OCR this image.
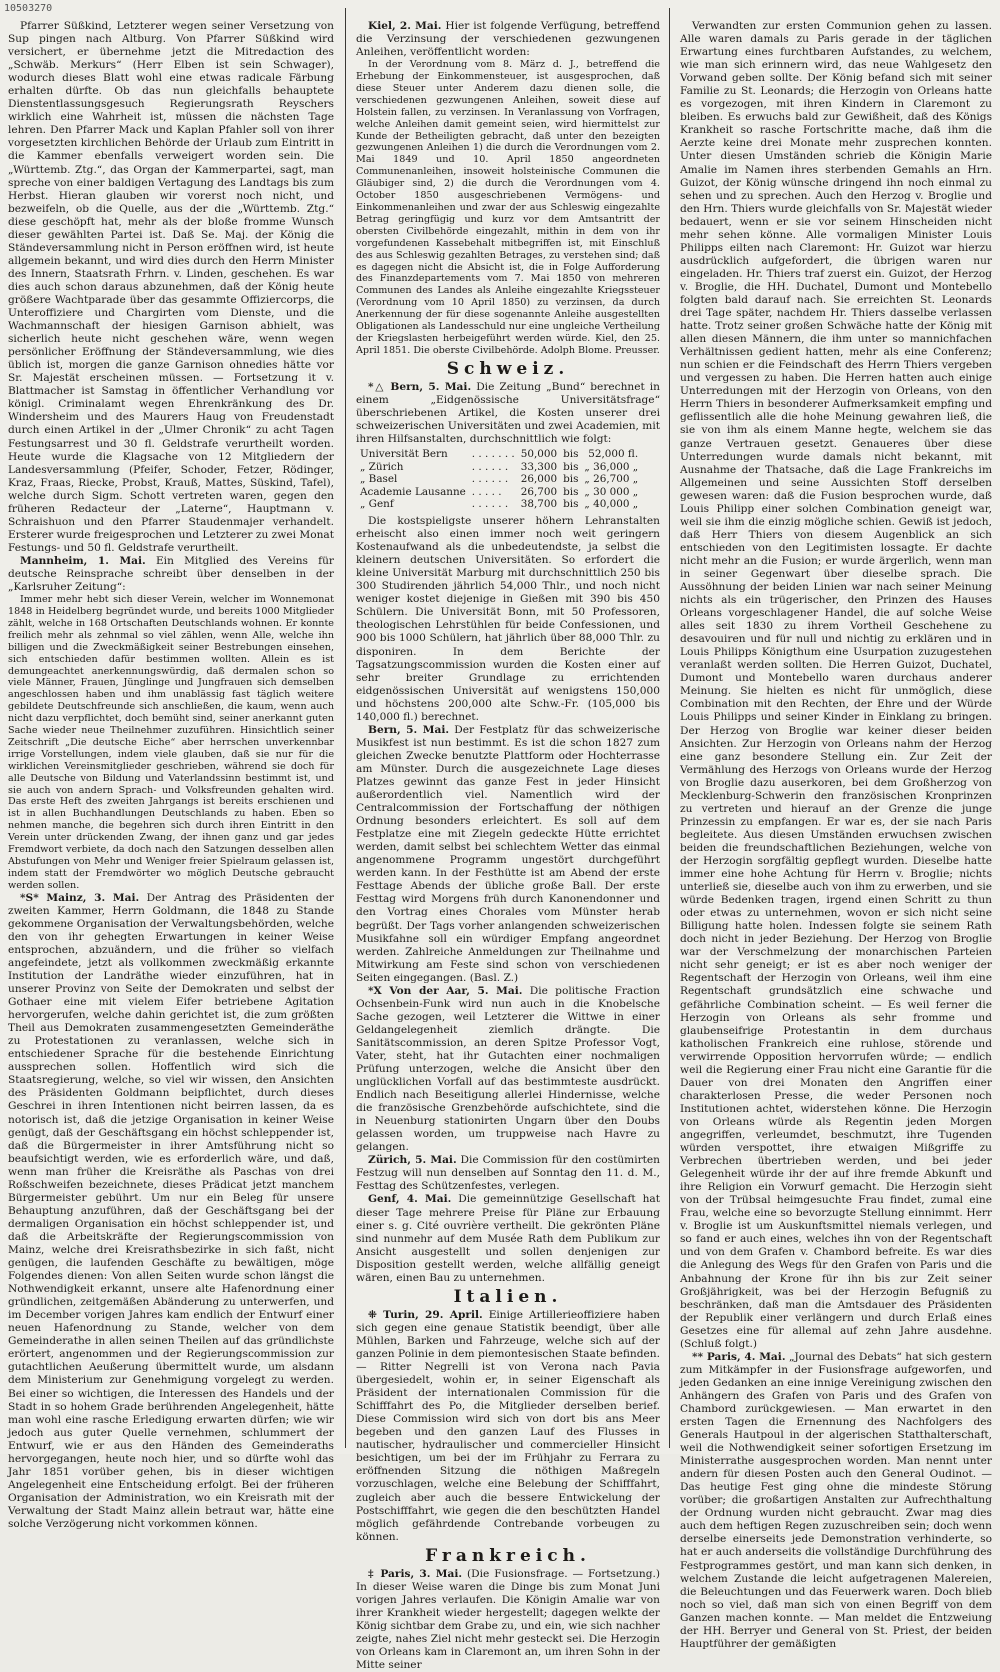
10503270

Pfarrer Süßkind, Letzterer wegen seiner Versetzung von Sup pingen nach Altburg. Von Pfarrer Süßkind wird versichert, er übernehme jetzt die Mitredaction des „Schwäb. Merkurs“ (Herr Elben ist sein Schwager), wodurch dieses Blatt wohl eine etwas radicale Färbung erhalten dürfte. Ob das nun gleichfalls behauptete Dienstentlassungsgesuch Regierungsrath Reyschers wirklich eine Wahrheit ist, müssen die nächsten Tage lehren. Den Pfarrer Mack und Kaplan Pfahler soll von ihrer vorgesetzten kirchlichen Behörde der Urlaub zum Eintritt in die Kammer ebenfalls verweigert worden sein. Die „Württemb. Ztg.“, das Organ der Kammerpartei, sagt, man spreche von einer baldigen Vertagung des Landtags bis zum Herbst. Hieran glauben wir vorerst noch nicht, und bezweifeln, ob die Quelle, aus der die „Württemb. Ztg.“ diese geschöpft hat, mehr als der bloße fromme Wunsch dieser gewählten Partei ist. Daß Se. Maj. der König die Ständeversammlung nicht in Person eröffnen wird, ist heute allgemein bekannt, und wird dies durch den Herrn Minister des Innern, Staatsrath Frhrn. v. Linden, geschehen. Es war dies auch schon daraus abzunehmen, daß der König heute größere Wachtparade über das gesammte Offiziercorps, die Unteroffiziere und Chargirten vom Dienste, und die Wachmannschaft der hiesigen Garnison abhielt, was sicherlich heute nicht geschehen wäre, wenn wegen persönlicher Eröffnung der Ständeversammlung, wie dies üblich ist, morgen die ganze Garnison ohnedies hätte vor Sr. Majestät erscheinen müssen. — Fortsetzung it v. Blattmacher ist Samstag in öffentlicher Verhandlung vor königl. Criminalamt wegen Ehrenkränkung des Dr. Windersheim und des Maurers Haug von Freudenstadt durch einen Artikel in der „Ulmer Chronik“ zu acht Tagen Festungsarrest und 30 fl. Geldstrafe verurtheilt worden. Heute wurde die Klagsache von 12 Mitgliedern der Landesversammlung (Pfeifer, Schoder, Fetzer, Rödinger, Kraz, Fraas, Riecke, Probst, Krauß, Mattes, Süskind, Tafel), welche durch Sigm. Schott vertreten waren, gegen den früheren Redacteur der „Laterne“, Hauptmann v. Schraishuon und den Pfarrer Staudenmajer verhandelt. Ersterer wurde freigesprochen und Letzterer zu zwei Monat Festungs- und 50 fl. Geldstrafe verurtheilt.

Mannheim, 1. Mai. Ein Mitglied des Vereins für deutsche Reinsprache schreibt über denselben in der „Karlsruher Zeitung“:

Immer mehr hebt sich dieser Verein, welcher im Wonnemonat 1848 in Heidelberg begründet wurde, und bereits 1000 Mitglieder zählt, welche in 168 Ortschaften Deutschlands wohnen. Er konnte freilich mehr als zehnmal so viel zählen, wenn Alle, welche ihn billigen und die Zweckmäßigkeit seiner Bestrebungen einsehen, sich entschieden dafür bestimmen wollten. Allein es ist demungeachtet anerkennungswürdig, daß dermalen schon so viele Männer, Frauen, Jünglinge und Jungfrauen sich demselben angeschlossen haben und ihm unablässig fast täglich weitere gebildete Deutschfreunde sich anschließen, die kaum, wenn auch nicht dazu verpflichtet, doch bemüht sind, seiner anerkannt guten Sache wieder neue Theilnehmer zuzuführen. Hinsichtlich seiner Zeitschrift „Die deutsche Eiche“ aber herrschen unverkennbar irrige Vorstellungen, indem viele glauben, daß sie nur für die wirklichen Vereinsmitglieder geschrieben, während sie doch für alle Deutsche von Bildung und Vaterlandssinn bestimmt ist, und sie auch von andern Sprach- und Volksfreunden gehalten wird. Das erste Heft des zweiten Jahrgangs ist bereits erschienen und ist in allen Buchhandlungen Deutschlands zu haben. Eben so nehmen manche, die begehren sich durch ihren Eintritt in den Verein unter drückenden Zwang, der ihnen ganz und gar jedes Fremdwort verbiete, da doch nach den Satzungen desselben allen Abstufungen von Mehr und Weniger freier Spielraum gelassen ist, indem statt der Fremdwörter wo möglich Deutsche gebraucht werden sollen.

*S* Mainz, 3. Mai. Der Antrag des Präsidenten der zweiten Kammer, Herrn Goldmann, die 1848 zu Stande gekommene Organisation der Verwaltungsbehörden, welche den von ihr gehegten Erwartungen in keiner Weise entsprochen, abzuändern, und die früher so vielfach angefeindete, jetzt als vollkommen zweckmäßig erkannte Institution der Landräthe wieder einzuführen, hat in unserer Provinz von Seite der Demokraten und selbst der Gothaer eine mit vielem Eifer betriebene Agitation hervorgerufen, welche dahin gerichtet ist, die zum größten Theil aus Demokraten zusammengesetzten Gemeinderäthe zu Protestationen zu veranlassen, welche sich in entschiedener Sprache für die bestehende Einrichtung aussprechen sollen. Hoffentlich wird sich die Staatsregierung, welche, so viel wir wissen, den Ansichten des Präsidenten Goldmann beipflichtet, durch dieses Geschrei in ihren Intentionen nicht beirren lassen, da es notorisch ist, daß die jetzige Organisation in keiner Weise genügt, daß der Geschäftsgang ein höchst schleppender ist, daß die Bürgermeister in ihrer Amtsführung nicht so beaufsichtigt werden, wie es erforderlich wäre, und daß, wenn man früher die Kreisräthe als Paschas von drei Roßschweifen bezeichnete, dieses Prädicat jetzt manchem Bürgermeister gebührt. Um nur ein Beleg für unsere Behauptung anzuführen, daß der Geschäftsgang bei der dermaligen Organisation ein höchst schleppender ist, und daß die Arbeitskräfte der Regierungscommission von Mainz, welche drei Kreisrathsbezirke in sich faßt, nicht genügen, die laufenden Geschäfte zu bewältigen, möge Folgendes dienen: Von allen Seiten wurde schon längst die Nothwendigkeit erkannt, unsere alte Hafenordnung einer gründlichen, zeitgemäßen Abänderung zu unterwerfen, und im December vorigen Jahres kam endlich der Entwurf einer neuen Hafenordnung zu Stande, welcher von dem Gemeinderathe in allen seinen Theilen auf das gründlichste erörtert, angenommen und der Regierungscommission zur gutachtlichen Aeußerung übermittelt wurde, um alsdann dem Ministerium zur Genehmigung vorgelegt zu werden. Bei einer so wichtigen, die Interessen des Handels und der Stadt in so hohem Grade berührenden Angelegenheit, hätte man wohl eine rasche Erledigung erwarten dürfen; wie wir jedoch aus guter Quelle vernehmen, schlummert der Entwurf, wie er aus den Händen des Gemeinderaths hervorgegangen, heute noch hier, und so dürfte wohl das Jahr 1851 vorüber gehen, bis in dieser wichtigen Angelegenheit eine Entscheidung erfolgt. Bei der früheren Organisation der Administration, wo ein Kreisrath mit der Verwaltung der Stadt Mainz allein betraut war, hätte eine solche Verzögerung nicht vorkommen können.

Kiel, 2. Mai. Hier ist folgende Verfügung, betreffend die Verzinsung der verschiedenen gezwungenen Anleihen, veröffentlicht worden:

In der Verordnung vom 8. März d. J., betreffend die Erhebung der Einkommensteuer, ist ausgesprochen, daß diese Steuer unter Anderem dazu dienen solle, die verschiedenen gezwungenen Anleihen, soweit diese auf Holstein fallen, zu verzinsen. In Veranlassung von Vorfragen, welche Anleihen damit gemeint seien, wird hiermittelst zur Kunde der Betheiligten gebracht, daß unter den bezeigten gezwungenen Anleihen 1) die durch die Verordnungen vom 2. Mai 1849 und 10. April 1850 angeordneten Communenanleihen, insoweit holsteinische Communen die Gläubiger sind, 2) die durch die Verordnungen vom 4. October 1850 ausgeschriebenen Vermögens- und Einkommenanleihen und zwar der aus Schleswig eingezahlte Betrag geringfügig und kurz vor dem Amtsantritt der obersten Civilbehörde eingezahlt, mithin in dem von ihr vorgefundenen Kassebehalt mitbegriffen ist, mit Einschluß des aus Schleswig gezahlten Betrages, zu verstehen sind; daß es dagegen nicht die Absicht ist, die in Folge Aufforderung des Finanzdepartements vom 7. Mai 1850 von mehreren Communen des Landes als Anleihe eingezahlte Kriegssteuer (Verordnung vom 10 April 1850) zu verzinsen, da durch Anerkennung der für diese sogenannte Anleihe ausgestellten Obligationen als Landesschuld nur eine ungleiche Vertheilung der Kriegslasten herbeigeführt werden würde. Kiel, den 25. April 1851. Die oberste Civilbehörde. Adolph Blome. Preusser.

Schweiz.

*△ Bern, 5. Mai. Die Zeitung „Bund“ berechnet in einem „Eidgenössische Universitätsfrage“ überschriebenen Artikel, die Kosten unserer drei schweizerischen Universitäten und zwei Academien, mit ihren Hilfsanstalten, durchschnittlich wie folgt:

Universität Bern	. . . . . . .	50,000	bis	52,000 fl.
„ Zürich	. . . . . .	33,300	bis	„ 36,000 „
„ Basel	. . . . . .	26,000	bis	„ 26,700 „
Academie Lausanne	. . . . .	26,700	bis	„ 30 000 „
„ Genf	. . . . . .	38,700	bis	„ 40,000 „

Die kostspieligste unserer höhern Lehranstalten erheischt also einen immer noch weit geringern Kostenaufwand als die unbedeutendste, ja selbst die kleinern deutschen Universitäten. So erfordert die kleine Universität Marburg mit durchschnittlich 250 bis 300 Studirenden jährlich 54,000 Thlr., und noch nicht weniger kostet diejenige in Gießen mit 390 bis 450 Schülern. Die Universität Bonn, mit 50 Professoren, theologischen Lehrstühlen für beide Confessionen, und 900 bis 1000 Schülern, hat jährlich über 88,000 Thlr. zu disponiren. In dem Berichte der Tagsatzungscommission wurden die Kosten einer auf sehr breiter Grundlage zu errichtenden eidgenössischen Universität auf wenigstens 150,000 und höchstens 200,000 alte Schw.-Fr. (105,000 bis 140,000 fl.) berechnet.

Bern, 5. Mai. Der Festplatz für das schweizerische Musikfest ist nun bestimmt. Es ist die schon 1827 zum gleichen Zwecke benutzte Plattform oder Hochterrasse am Münster. Durch die ausgezeichnete Lage dieses Platzes gewinnt das ganze Fest in jeder Hinsicht außerordentlich viel. Namentlich wird der Centralcommission der Fortschaffung der nöthigen Ordnung besonders erleichtert. Es soll auf dem Festplatze eine mit Ziegeln gedeckte Hütte errichtet werden, damit selbst bei schlechtem Wetter das einmal angenommene Programm ungestört durchgeführt werden kann. In der Festhütte ist am Abend der erste Festtage Abends der übliche große Ball. Der erste Festtag wird Morgens früh durch Kanonendonner und den Vortrag eines Chorales vom Münster herab begrüßt. Der Tags vorher anlangenden schweizerischen Musikfahne soll ein würdiger Empfang angeordnet werden. Zahlreiche Anmeldungen zur Theilnahme und Mitwirkung am Feste sind schon von verschiedenen Seiten eingegangen. (Basl. Z.)

*X Von der Aar, 5. Mai. Die politische Fraction Ochsenbein-Funk wird nun auch in die Knobelsche Sache gezogen, weil Letzterer die Wittwe in einer Geldangelegenheit ziemlich drängte. Die Sanitätscommission, an deren Spitze Professor Vogt, Vater, steht, hat ihr Gutachten einer nochmaligen Prüfung unterzogen, welche die Ansicht über den unglücklichen Vorfall auf das bestimmteste ausdrückt. Endlich nach Beseitigung allerlei Hindernisse, welche die französische Grenzbehörde aufschichtete, sind die in Neuenburg stationirten Ungarn über den Doubs gelassen worden, um truppweise nach Havre zu gelangen.

Zürich, 5. Mai. Die Commission für den costümirten Festzug will nun denselben auf Sonntag den 11. d. M., Festtag des Schützenfestes, verlegen.

Genf, 4. Mai. Die gemeinnützige Gesellschaft hat dieser Tage mehrere Preise für Pläne zur Erbauung einer s. g. Cité ouvrière vertheilt. Die gekrönten Pläne sind nunmehr auf dem Musée Rath dem Publikum zur Ansicht ausgestellt und sollen denjenigen zur Disposition gestellt werden, welche allfällig geneigt wären, einen Bau zu unternehmen.

Italien.

⁜ Turin, 29. April. Einige Artillerieoffiziere haben sich gegen eine genaue Statistik beendigt, über alle Mühlen, Barken und Fahrzeuge, welche sich auf der ganzen Polinie in dem piemontesischen Staate befinden. — Ritter Negrelli ist von Verona nach Pavia übergesiedelt, wohin er, in seiner Eigenschaft als Präsident der internationalen Commission für die Schifffahrt des Po, die Mitglieder derselben berief. Diese Commission wird sich von dort bis ans Meer begeben und den ganzen Lauf des Flusses in nautischer, hydraulischer und commercieller Hinsicht besichtigen, um bei der im Frühjahr zu Ferrara zu eröffnenden Sitzung die nöthigen Maßregeln vorzuschlagen, welche eine Belebung der Schifffahrt, zugleich aber auch die bessere Entwickelung der Postschifffahrt, wie gegen die den beschützten Handel möglich gefährdende Contrebande vorbeugen zu können.

Frankreich.

‡ Paris, 3. Mai. (Die Fusionsfrage. — Fortsetzung.) In dieser Weise waren die Dinge bis zum Monat Juni vorigen Jahres verlaufen. Die Königin Amalie war von ihrer Krankheit wieder hergestellt; dagegen welkte der König sichtbar dem Grabe zu, und ein, wie sich nachher zeigte, nahes Ziel nicht mehr gesteckt sei. Die Herzogin von Orleans kam in Claremont an, um ihren Sohn in der Mitte seiner

Verwandten zur ersten Communion gehen zu lassen. Alle waren damals zu Paris gerade in der täglichen Erwartung eines furchtbaren Aufstandes, zu welchem, wie man sich erinnern wird, das neue Wahlgesetz den Vorwand geben sollte. Der König befand sich mit seiner Familie zu St. Leonards; die Herzogin von Orleans hatte es vorgezogen, mit ihren Kindern in Claremont zu bleiben. Es erwuchs bald zur Gewißheit, daß des Königs Krankheit so rasche Fortschritte mache, daß ihm die Aerzte keine drei Monate mehr zusprechen konnten. Unter diesen Umständen schrieb die Königin Marie Amalie im Namen ihres sterbenden Gemahls an Hrn. Guizot, der König wünsche dringend ihn noch einmal zu sehen und zu sprechen. Auch den Herzog v. Broglie und den Hrn. Thiers wurde gleichfalls von Sr. Majestät wieder bedauert, wenn er sie vor seinem Hinscheiden nicht mehr sehen könne. Alle vormaligen Minister Louis Philipps eilten nach Claremont: Hr. Guizot war hierzu ausdrücklich aufgefordert, die übrigen waren nur eingeladen. Hr. Thiers traf zuerst ein. Guizot, der Herzog v. Broglie, die HH. Duchatel, Dumont und Montebello folgten bald darauf nach. Sie erreichten St. Leonards drei Tage später, nachdem Hr. Thiers dasselbe verlassen hatte. Trotz seiner großen Schwäche hatte der König mit allen diesen Männern, die ihm unter so mannichfachen Verhältnissen gedient hatten, mehr als eine Conferenz; nun schien er die Feindschaft des Herrn Thiers vergeben und vergessen zu haben. Die Herren hatten auch einige Unterredungen mit der Herzogin von Orleans, von den Herrn Thiers in besonderer Aufmerksamkeit empfing und geflissentlich alle die hohe Meinung gewahren ließ, die sie von ihm als einem Manne hegte, welchem sie das ganze Vertrauen gesetzt. Genaueres über diese Unterredungen wurde damals nicht bekannt, mit Ausnahme der Thatsache, daß die Lage Frankreichs im Allgemeinen und seine Aussichten Stoff derselben gewesen waren: daß die Fusion besprochen wurde, daß Louis Philipp einer solchen Combination geneigt war, weil sie ihm die einzig mögliche schien. Gewiß ist jedoch, daß Herr Thiers von diesem Augenblick an sich entschieden von den Legitimisten lossagte. Er dachte nicht mehr an die Fusion; er wurde ärgerlich, wenn man in seiner Gegenwart über dieselbe sprach. Die Aussöhnung der beiden Linien war nach seiner Meinung nichts als ein trügerischer, den Prinzen des Hauses Orleans vorgeschlagener Handel, die auf solche Weise alles seit 1830 zu ihrem Vortheil Geschehene zu desavouiren und für null und nichtig zu erklären und in Louis Philipps Königthum eine Usurpation zuzugestehen veranlaßt werden sollten. Die Herren Guizot, Duchatel, Dumont und Montebello waren durchaus anderer Meinung. Sie hielten es nicht für unmöglich, diese Combination mit den Rechten, der Ehre und der Würde Louis Philipps und seiner Kinder in Einklang zu bringen. Der Herzog von Broglie war keiner dieser beiden Ansichten. Zur Herzogin von Orleans nahm der Herzog eine ganz besondere Stellung ein. Zur Zeit der Vermählung des Herzogs von Orleans wurde der Herzog von Broglie dazu auserkoren, bei dem Großherzog von Mecklenburg-Schwerin den französischen Kronprinzen zu vertreten und hierauf an der Grenze die junge Prinzessin zu empfangen. Er war es, der sie nach Paris begleitete. Aus diesen Umständen erwuchsen zwischen beiden die freundschaftlichen Beziehungen, welche von der Herzogin sorgfältig gepflegt wurden. Dieselbe hatte immer eine hohe Achtung für Herrn v. Broglie; nichts unterließ sie, dieselbe auch von ihm zu erwerben, und sie würde Bedenken tragen, irgend einen Schritt zu thun oder etwas zu unternehmen, wovon er sich nicht seine Billigung hatte holen. Indessen folgte sie seinem Rath doch nicht in jeder Beziehung. Der Herzog von Broglie war der Verschmelzung der monarchischen Parteien nicht sehr geneigt; er ist es aber noch weniger der Regentschaft der Herzogin von Orleans, weil ihm eine Regentschaft grundsätzlich eine schwache und gefährliche Combination scheint. — Es weil ferner die Herzogin von Orleans als sehr fromme und glaubenseifrige Protestantin in dem durchaus katholischen Frankreich eine ruhlose, störende und verwirrende Opposition hervorrufen würde; — endlich weil die Regierung einer Frau nicht eine Garantie für die Dauer von drei Monaten den Angriffen einer charakterlosen Presse, die weder Personen noch Institutionen achtet, widerstehen könne. Die Herzogin von Orleans würde als Regentin jeden Morgen angegriffen, verleumdet, beschmutzt, ihre Tugenden würden verspottet, ihre etwaigen Mißgriffe zu Verbrechen übertrieben werden, und bei jeder Gelegenheit würde ihr der auf ihre fremde Abkunft und ihre Religion ein Vorwurf gemacht. Die Herzogin sieht von der Trübsal heimgesuchte Frau findet, zumal eine Frau, welche eine so bevorzugte Stellung einnimmt. Herr v. Broglie ist um Auskunftsmittel niemals verlegen, und so fand er auch eines, welches ihn von der Regentschaft und von dem Grafen v. Chambord befreite. Es war dies die Anlegung des Wegs für den Grafen von Paris und die Anbahnung der Krone für ihn bis zur Zeit seiner Großjährigkeit, was bei der Herzogin Befugniß zu beschränken, daß man die Amtsdauer des Präsidenten der Republik einer verlängern und durch Erlaß eines Gesetzes eine für allemal auf zehn Jahre ausdehne. (Schluß folgt.)

** Paris, 4. Mai. „Journal des Debats“ hat sich gestern zum Mitkämpfer in der Fusionsfrage aufgeworfen, und jeden Gedanken an eine innige Vereinigung zwischen den Anhängern des Grafen von Paris und des Grafen von Chambord zurückgewiesen. — Man erwartet in den ersten Tagen die Ernennung des Nachfolgers des Generals Hautpoul in der algerischen Statthalterschaft, weil die Nothwendigkeit seiner sofortigen Ersetzung im Ministerrathe ausgesprochen worden. Man nennt unter andern für diesen Posten auch den General Oudinot. — Das heutige Fest ging ohne die mindeste Störung vorüber; die großartigen Anstalten zur Aufrechthaltung der Ordnung wurden nicht gebraucht. Zwar mag dies auch dem heftigen Regen zuzuschreiben sein; doch wenn derselbe einerseits jede Demonstration verhinderte, so hat er auch anderseits die vollständige Durchführung des Festprogrammes gestört, und man kann sich denken, in welchem Zustande die leicht aufgetragenen Malereien, die Beleuchtungen und das Feuerwerk waren. Doch blieb noch so viel, daß man sich von einen Begriff von dem Ganzen machen konnte. — Man meldet die Entzweiung der HH. Berryer und General von St. Priest, der beiden Hauptführer der gemäßigten
